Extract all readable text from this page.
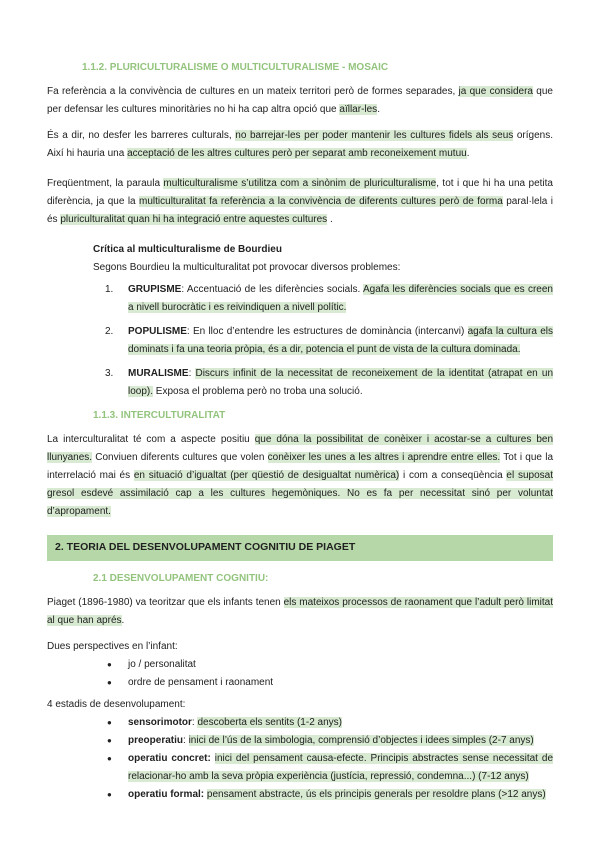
1.1.2. PLURICULTURALISME O MULTICULTURALISME - MOSAIC

Fa referència a la convivència de cultures en un mateix territori però de formes separades, ja que considera que per defensar les cultures minoritàries no hi ha cap altra opció que aïllar-les.

És a dir, no desfer les barreres culturals, no barrejar-les per poder mantenir les cultures fidels als seus orígens. Així hi hauria una acceptació de les altres cultures però per separat amb reconeixement mutuu.

Freqüentment, la paraula multiculturalisme s’utilitza com a sinònim de pluriculturalisme, tot i que hi ha una petita diferència, ja que la multiculturalitat fa referència a la convivència de diferents cultures però de forma paral·lela i és pluriculturalitat quan hi ha integració entre aquestes cultures .

Crítica al multiculturalisme de Bourdieu

Segons Bourdieu la multiculturalitat pot provocar diversos problemes:

1. GRUPISME: Accentuació de les diferències socials. Agafa les diferències socials que es creen a nivell burocràtic i es reivindiquen a nivell polític.
2. POPULISME: En lloc d’entendre les estructures de dominància (intercanvi) agafa la cultura els dominats i fa una teoria pròpia, és a dir, potencia el punt de vista de la cultura dominada.
3. MURALISME: Discurs infinit de la necessitat de reconeixement de la identitat (atrapat en un loop). Exposa el problema però no troba una solució.
1.1.3. INTERCULTURALITAT

La interculturalitat té com a aspecte positiu que dóna la possibilitat de conèixer i acostar-se a cultures ben llunyanes. Conviuen diferents cultures que volen conèixer les unes a les altres i aprendre entre elles. Tot i que la interrelació mai és en situació d’igualtat (per qüestió de desigualtat numèrica) i com a conseqüència el suposat gresol esdevé assimilació cap a les cultures hegemòniques. No es fa per necessitat sinó per voluntat d’apropament.

2. TEORIA DEL DESENVOLUPAMENT COGNITIU DE PIAGET
2.1 DESENVOLUPAMENT COGNITIU:

Piaget (1896-1980) va teoritzar que els infants tenen els mateixos processos de raonament que l’adult però limitat al que han aprés.

Dues perspectives en l’infant:

● jo / personalitat
● ordre de pensament i raonament

4 estadis de desenvolupament:

● sensorimotor: descoberta els sentits (1-2 anys)
● preoperatiu: inici de l’ús de la simbologia, comprensió d’objectes i idees simples (2-7 anys)
● operatiu concret: inici del pensament causa-efecte. Principis abstractes sense necessitat de relacionar-ho amb la seva pròpia experiència (justícia, repressió, condemna...) (7-12 anys)
● operatiu formal: pensament abstracte, ús els principis generals per resoldre plans (>12 anys)
